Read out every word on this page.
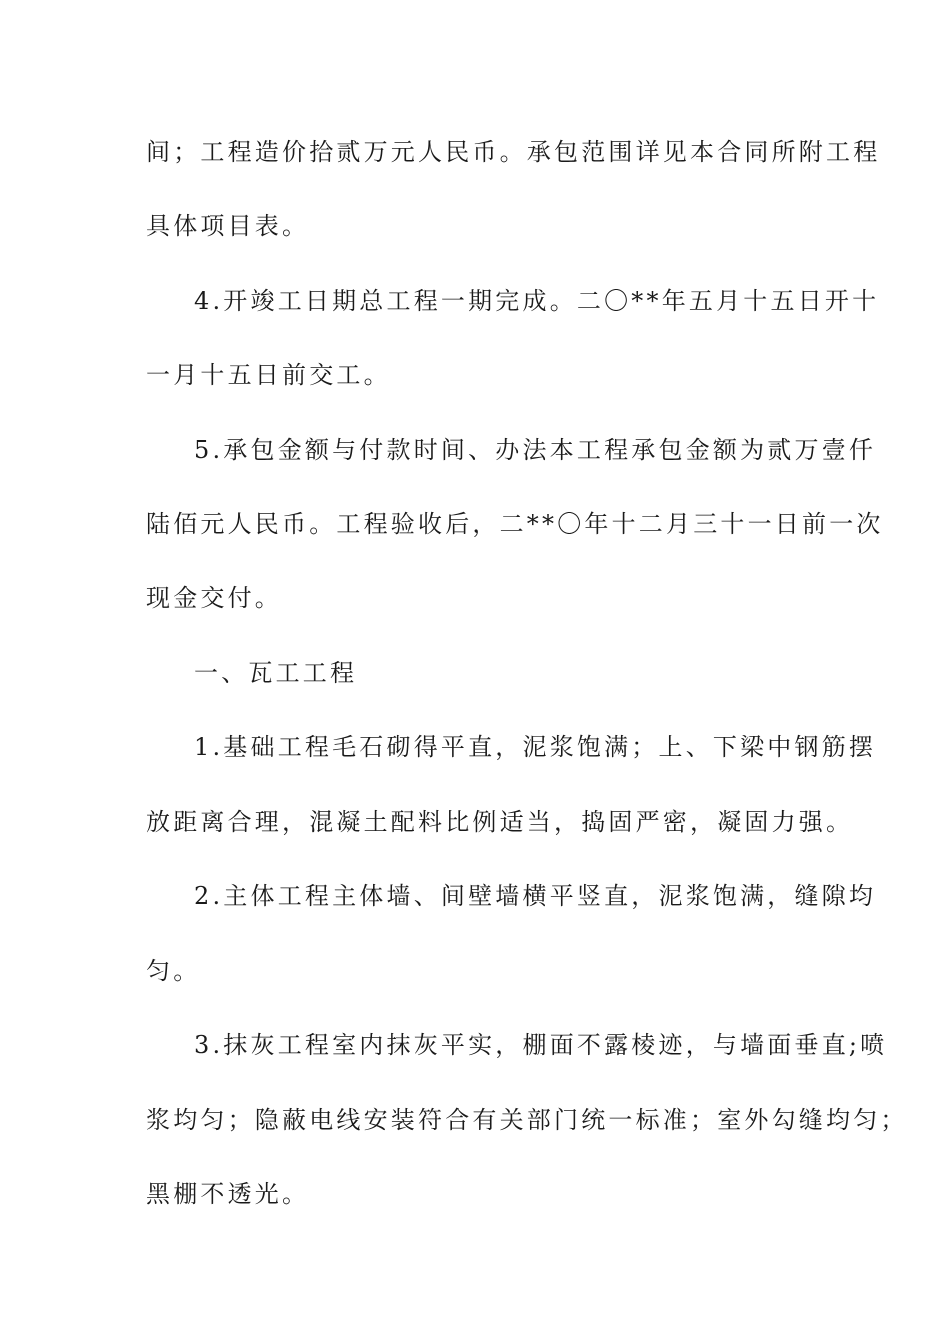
间；工程造价拾贰万元人民币。承包范围详见本合同所附工程
具体项目表。
4.开竣工日期总工程一期完成。二〇**年五月十五日开十
一月十五日前交工。
5.承包金额与付款时间、办法本工程承包金额为贰万壹仟
陆佰元人民币。工程验收后，二**〇年十二月三十一日前一次
现金交付。
一、瓦工工程
1.基础工程毛石砌得平直，泥浆饱满；上、下梁中钢筋摆
放距离合理，混凝土配料比例适当，捣固严密，凝固力强。
2.主体工程主体墙、间壁墙横平竖直，泥浆饱满，缝隙均
匀。
3.抹灰工程室内抹灰平实，棚面不露棱迹，与墙面垂直;喷
浆均匀；隐蔽电线安装符合有关部门统一标准；室外勾缝均匀；
黑棚不透光。
